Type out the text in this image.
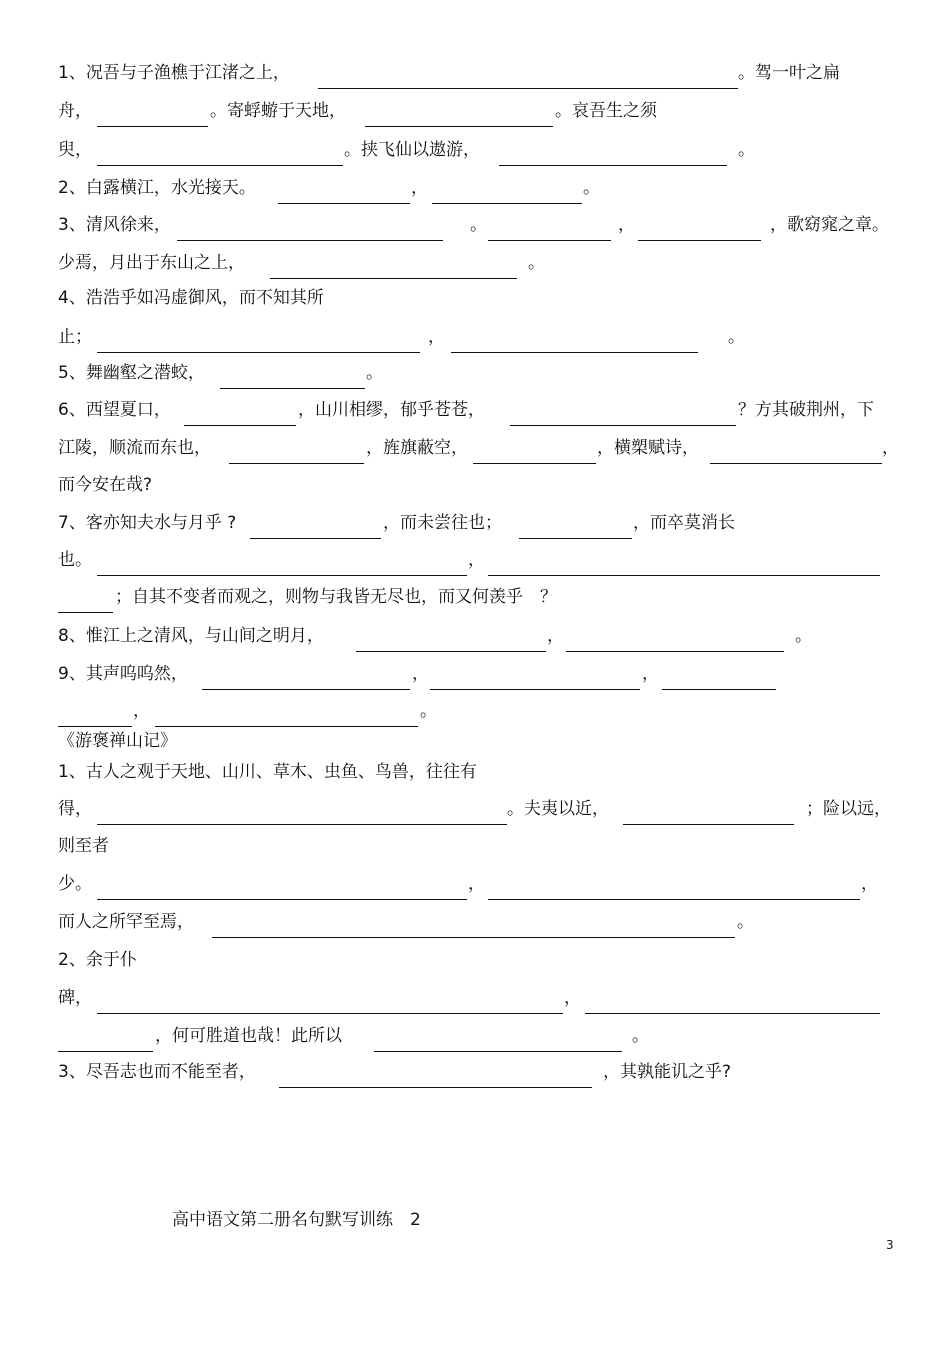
1、况吾与子渔樵于江渚之上，	。驾一叶之扁
舟，	。寄蜉蝣于天地，	。哀吾生之须
臾，	。挟飞仙以遨游，	。
2、白露横江，水光接天。	，	。
3、清风徐来，	。	，	，歌窈窕之章。
少焉，月出于东山之上，	。
4、浩浩乎如冯虚御风，而不知其所
止；	，	。
5、舞幽壑之潜蛟，	。
6、西望夏口，	，山川相缪，郁乎苍苍，	？方其破荆州，下
江陵，顺流而东也，	，旌旗蔽空，	，横槊赋诗，	，
而今安在哉?
7、客亦知夫水与月乎 ?	，而未尝往也；	，而卒莫消长
也。	，
；自其不变者而观之，则物与我皆无尽也，而又何羡乎　？
8、惟江上之清风，与山间之明月，	，	。
9、其声呜呜然，	，	，
，	。
《游褒禅山记》
1、古人之观于天地、山川、草木、虫鱼、鸟兽，往往有
得，	。夫夷以近，	；险以远，
则至者
少。	，	，
而人之所罕至焉，	。
2、余于仆
碑，	，
，何可胜道也哉！此所以	。
3、尽吾志也而不能至者，	，其孰能讥之乎?
高中语文第二册名句默写训练　2
3
